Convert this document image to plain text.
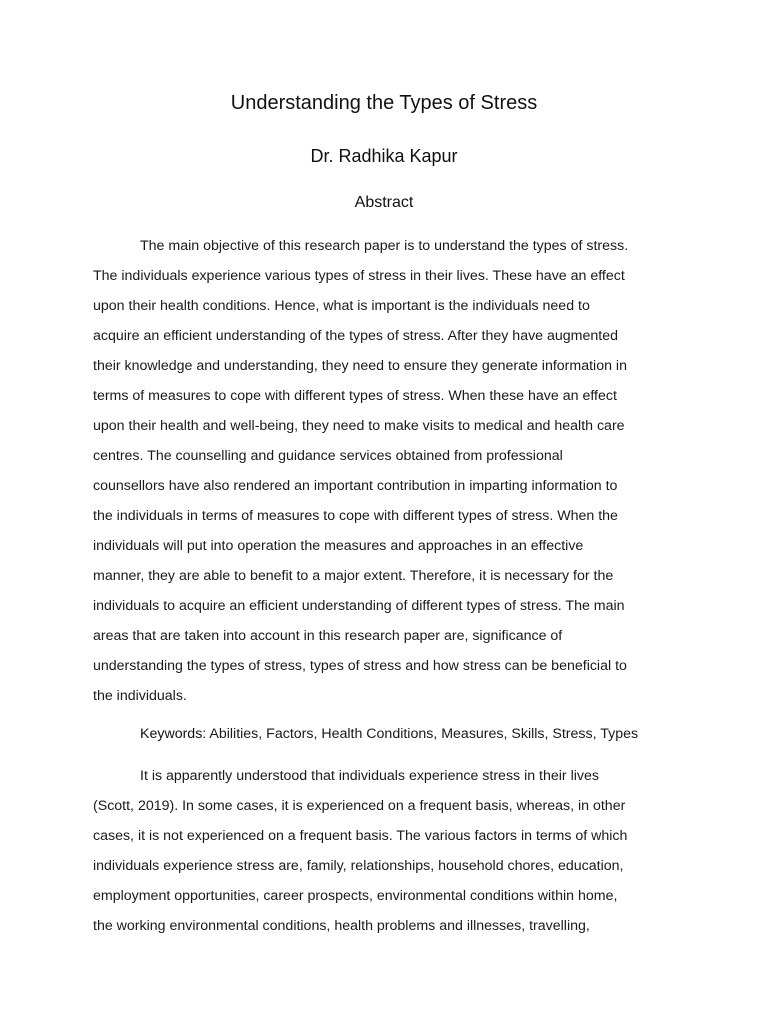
Understanding the Types of Stress
Dr. Radhika Kapur
Abstract
The main objective of this research paper is to understand the types of stress.
The individuals experience various types of stress in their lives. These have an effect
upon their health conditions. Hence, what is important is the individuals need to
acquire an efficient understanding of the types of stress. After they have augmented
their knowledge and understanding, they need to ensure they generate information in
terms of measures to cope with different types of stress. When these have an effect
upon their health and well-being, they need to make visits to medical and health care
centres. The counselling and guidance services obtained from professional
counsellors have also rendered an important contribution in imparting information to
the individuals in terms of measures to cope with different types of stress. When the
individuals will put into operation the measures and approaches in an effective
manner, they are able to benefit to a major extent. Therefore, it is necessary for the
individuals to acquire an efficient understanding of different types of stress. The main
areas that are taken into account in this research paper are, significance of
understanding the types of stress, types of stress and how stress can be beneficial to
the individuals.
Keywords: Abilities, Factors, Health Conditions, Measures, Skills, Stress, Types
It is apparently understood that individuals experience stress in their lives
(Scott, 2019). In some cases, it is experienced on a frequent basis, whereas, in other
cases, it is not experienced on a frequent basis. The various factors in terms of which
individuals experience stress are, family, relationships, household chores, education,
employment opportunities, career prospects, environmental conditions within home,
the working environmental conditions, health problems and illnesses, travelling,
